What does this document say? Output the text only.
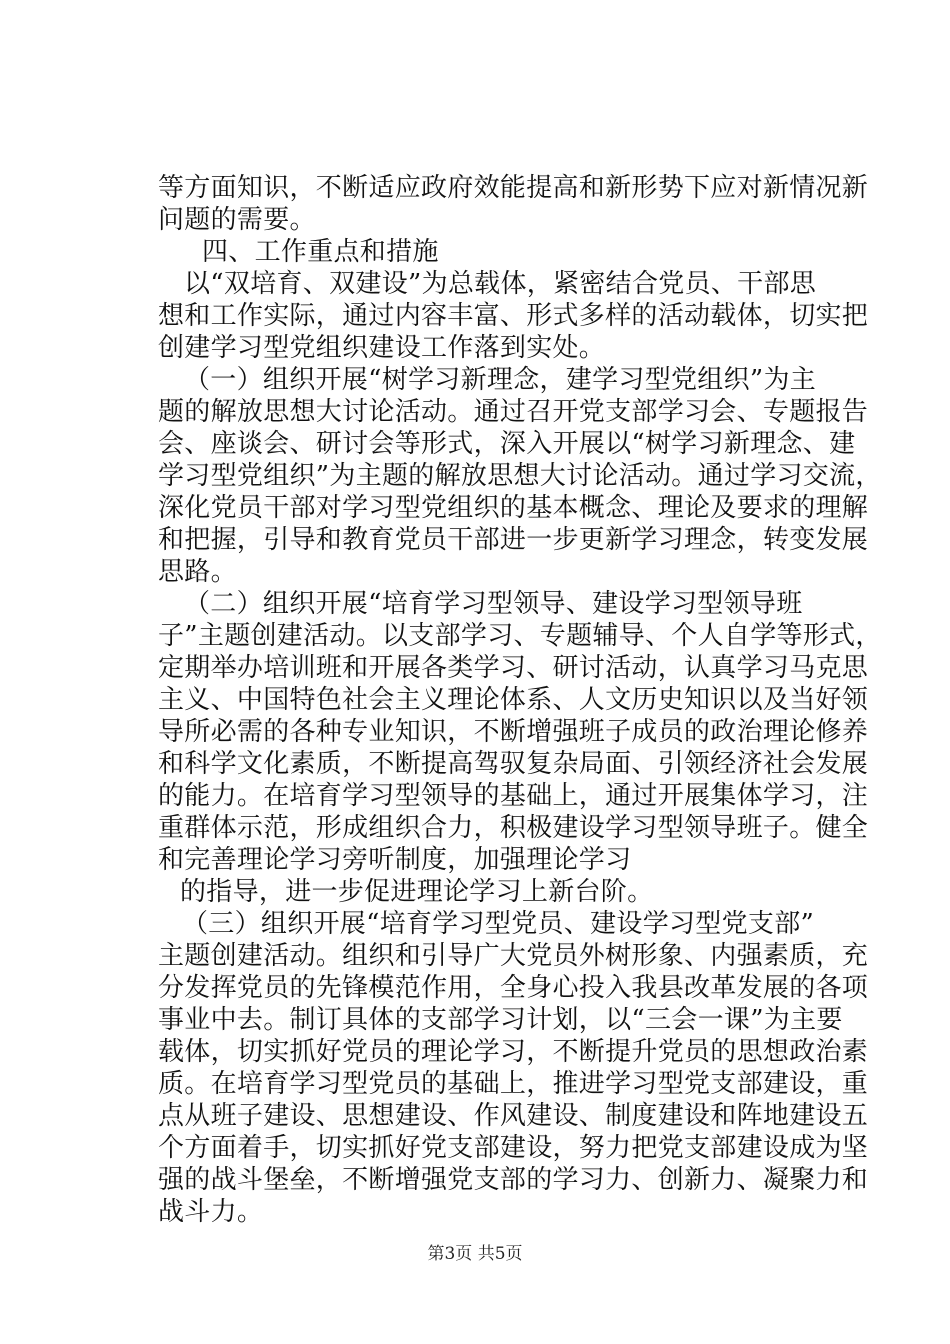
等方面知识，不断适应政府效能提高和新形势下应对新情况新
问题的需要。
四、工作重点和措施
以“双培育、双建设”为总载体，紧密结合党员、干部思
想和工作实际，通过内容丰富、形式多样的活动载体，切实把
创建学习型党组织建设工作落到实处。
（一）组织开展“树学习新理念，建学习型党组织”为主
题的解放思想大讨论活动。通过召开党支部学习会、专题报告
会、座谈会、研讨会等形式，深入开展以“树学习新理念、建
学习型党组织”为主题的解放思想大讨论活动。通过学习交流，
深化党员干部对学习型党组织的基本概念、理论及要求的理解
和把握，引导和教育党员干部进一步更新学习理念，转变发展
思路。
（二）组织开展“培育学习型领导、建设学习型领导班
子”主题创建活动。以支部学习、专题辅导、个人自学等形式，
定期举办培训班和开展各类学习、研讨活动，认真学习马克思
主义、中国特色社会主义理论体系、人文历史知识以及当好领
导所必需的各种专业知识，不断增强班子成员的政治理论修养
和科学文化素质，不断提高驾驭复杂局面、引领经济社会发展
的能力。在培育学习型领导的基础上，通过开展集体学习，注
重群体示范，形成组织合力，积极建设学习型领导班子。健全
和完善理论学习旁听制度，加强理论学习
的指导，进一步促进理论学习上新台阶。
（三）组织开展“培育学习型党员、建设学习型党支部”
主题创建活动。组织和引导广大党员外树形象、内强素质，充
分发挥党员的先锋模范作用，全身心投入我县改革发展的各项
事业中去。制订具体的支部学习计划，以“三会一课”为主要
载体，切实抓好党员的理论学习，不断提升党员的思想政治素
质。在培育学习型党员的基础上，推进学习型党支部建设，重
点从班子建设、思想建设、作风建设、制度建设和阵地建设五
个方面着手，切实抓好党支部建设，努力把党支部建设成为坚
强的战斗堡垒，不断增强党支部的学习力、创新力、凝聚力和
战斗力。
第3页 共5页
